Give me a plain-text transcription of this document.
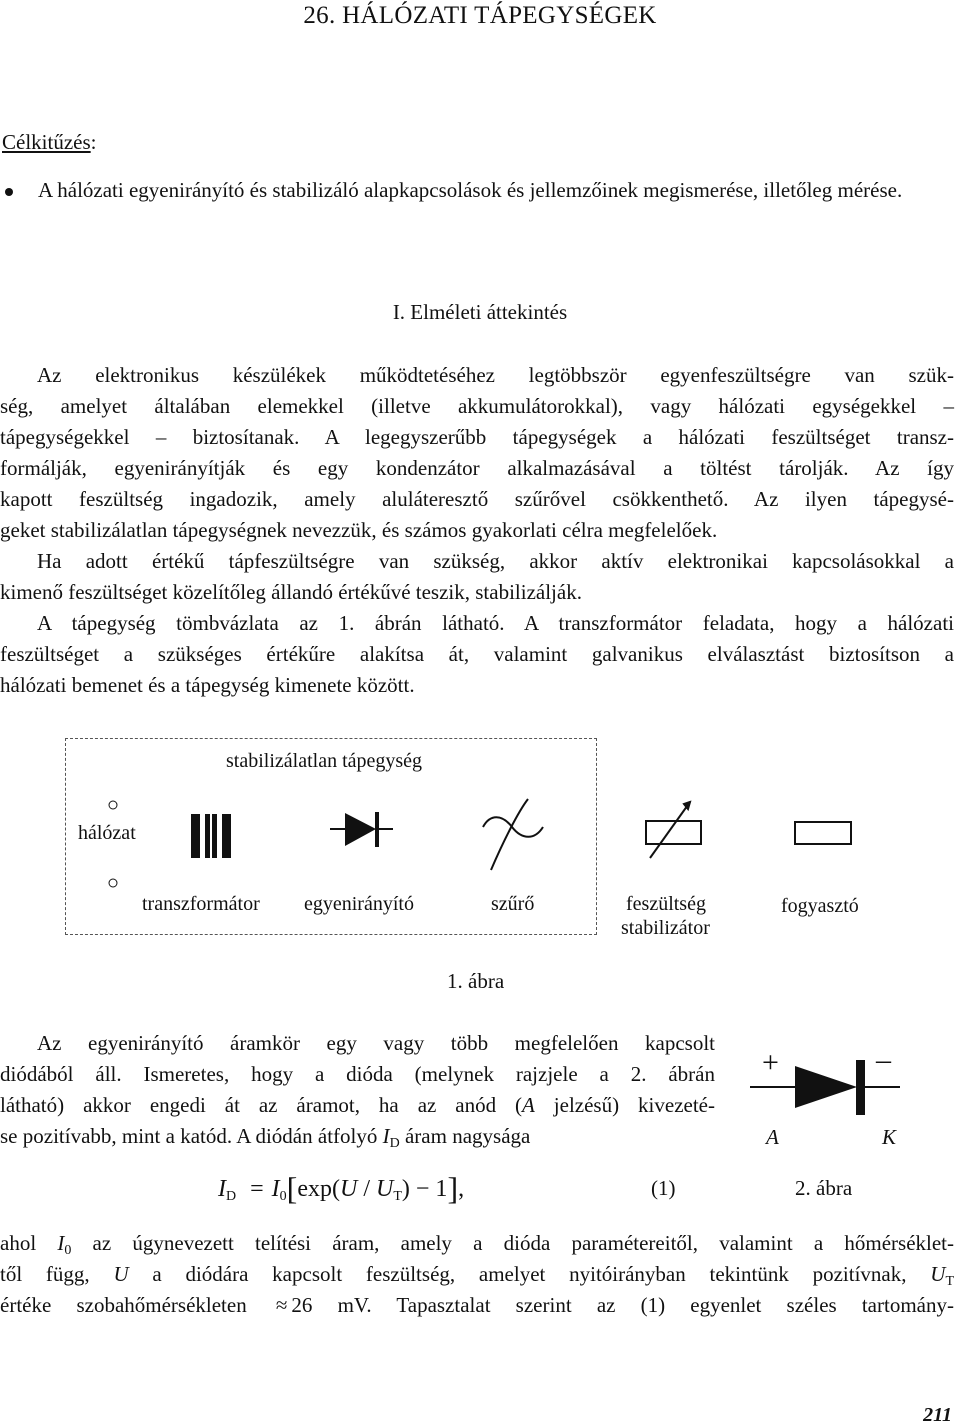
26. HÁLÓZATI TÁPEGYSÉGEK
Célkitűzés:
A hálózati egyenirányító és stabilizáló alapkapcsolások és jellemzőinek megismerése, illetőleg mérése.
I. Elméleti áttekintés
Az elektronikus készülékek működtetéséhez legtöbbször egyenfeszültségre van szük-
ség, amelyet általában elemekkel (illetve akkumulátorokkal), vagy hálózati egységekkel –
tápegységekkel – biztosítanak. A legegyszerűbb tápegységek a hálózati feszültséget transz-
formálják, egyenirányítják és egy kondenzátor alkalmazásával a töltést tárolják. Az így
kapott feszültség ingadozik, amely aluláteresztő szűrővel csökkenthető. Az ilyen tápegysé-
geket stabilizálatlan tápegységnek nevezzük, és számos gyakorlati célra megfelelőek.
Ha adott értékű tápfeszültségre van szükség, akkor aktív elektronikai kapcsolásokkal a
kimenő feszültséget közelítőleg állandó értékűvé teszik, stabilizálják.
A tápegység tömbvázlata az 1. ábrán látható. A transzformátor feladata, hogy a hálózati
feszültséget a szükséges értékűre alakítsa át, valamint galvanikus elválasztást biztosítson a
hálózati bemenet és a tápegység kimenete között.
stabilizálatlan tápegység
hálózat
transzformátor egyenirányító	szűrő	feszültség
stabilizátor
fogyasztó
1. ábra
Az egyenirányító áramkör egy vagy több megfelelően kapcsolt
diódából áll. Ismeretes, hogy a dióda (melynek rajzjele a 2. ábrán
látható) akkor engedi át az áramot, ha az anód (A jelzésű) kivezeté-
se pozitívabb, mint a katód. A diódán átfolyó $I_D$ áram nagysága
+	–
A	K
2. ábra
$I_D = I_0[\exp(U / U_T) - 1]$,	(1)
ahol $I_0$ az úgynevezett telítési áram, amely a dióda paramétereitől, valamint a hőmérséklet-
től függ, U a diódára kapcsolt feszültség, amelyet nyitóirányban tekintünk pozitívnak, $U_T$
értéke szobahőmérsékleten ≈ 26 mV. Tapasztalat szerint az (1) egyenlet széles tartomány-
211
